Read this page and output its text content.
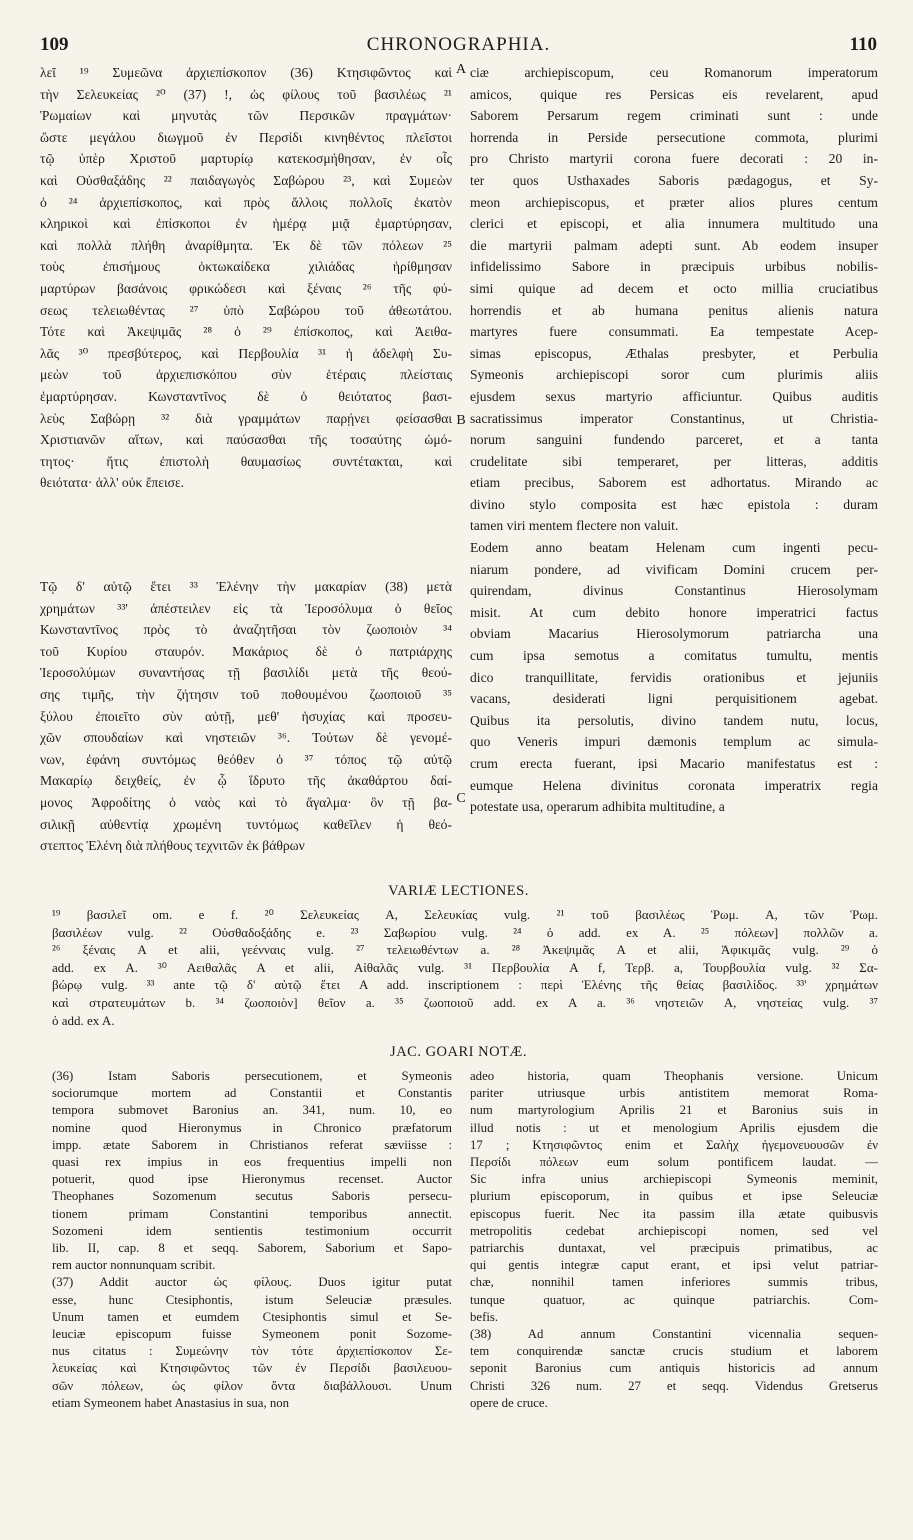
CHRONOGRAPHIA.
109	110
λεῖ ¹⁹ Συμεῶνα ἀρχιεπίσκοπον (36) Κτησιφῶντος καὶ
τὴν Σελευκείας ²⁰ (37) !, ὡς φίλους τοῦ βασιλέως ²¹
Ῥωμαίων καὶ μηνυτὰς τῶν Περσικῶν πραγμάτων·
ὥστε μεγάλου διωγμοῦ ἐν Περσίδι κινηθέντος πλεῖστοι
τῷ ὑπὲρ Χριστοῦ μαρτυρίῳ κατεκοσμήθησαν, ἐν οἷς
καὶ Οὐσθαξάδης ²² παιδαγωγὸς Σαβώρου ²³, καὶ Συμεὼν
ὁ ²⁴ ἀρχιεπίσκοπος, καὶ πρὸς ἄλλοις πολλοῖς ἑκατὸν
κληρικοὶ καὶ ἐπίσκοποι ἐν ἡμέρᾳ μιᾷ ἐμαρτύρησαν,
καὶ πολλὰ πλήθη ἀναρίθμητα. Ἐκ δὲ τῶν πόλεων ²⁵
τοὺς ἐπισήμους ὀκτωκαίδεκα χιλιάδας ἠρίθμησαν
μαρτύρων βασάνοις φρικώδεσι καὶ ξέναις ²⁶ τῆς φύ-
σεως τελειωθέντας ²⁷ ὑπὸ Σαβώρου τοῦ ἀθεωτάτου.
Τότε καὶ Ἀκεψιμᾶς ²⁸ ὁ ²⁹ ἐπίσκοπος, καὶ Ἀειθα-
λᾶς ³⁰ πρεσβύτερος, καὶ Περβουλία ³¹ ἡ ἀδελφὴ Συ-
μεὼν τοῦ ἀρχιεπισκόπου σὺν ἑτέραις πλείσταις
ἐμαρτύρησαν. Κωνσταντῖνος δὲ ὁ θειότατος βασι-
λεὺς Σαβώρῃ ³² διὰ γραμμάτων παρῄνει φείσασθαι
Χριστιανῶν αἵτων, καὶ παύσασθαι τῆς τοσαύτης ὠμό-
τητος· ἥτις ἐπιστολὴ θαυμασίως συντέτακται, καὶ
θειότατα· ἀλλ' οὐκ ἔπεισε.
Τῷ δ' αὐτῷ ἔτει ³³ Ἑλένην τὴν μακαρίαν (38) μετὰ
χρημάτων ³³' ἀπέστειλεν εἰς τὰ Ἱεροσόλυμα ὁ θεῖος
Κωνσταντῖνος πρὸς τὸ ἀναζητῆσαι τὸν ζωοποιὸν ³⁴
τοῦ Κυρίου σταυρόν. Μακάριος δὲ ὁ πατριάρχης
Ἱεροσολύμων συναντήσας τῇ βασιλίδι μετὰ τῆς θεού-
σης τιμῆς, τὴν ζήτησιν τοῦ ποθουμένου ζωοποιοῦ ³⁵
ξύλου ἐποιεῖτο σὺν αὐτῇ, μεθ' ἡσυχίας καὶ προσευ-
χῶν σπουδαίων καὶ νηστειῶν ³⁶. Τούτων δὲ γενομέ-
νων, ἐφάνη συντόμως θεόθεν ὁ ³⁷ τόπος τῷ αὐτῷ
Μακαρίῳ δειχθείς, ἐν ᾧ ἵδρυτο τῆς ἀκαθάρτου δαί-
μονος Ἀφροδίτης ὁ ναὸς καὶ τὸ ἄγαλμα· ὃν τῇ βα-
σιλικῇ αὐθεντίᾳ χρωμένη τυντόμως καθεῖλεν ἡ θεό-
στεπτος Ἑλένη διὰ πλήθους τεχνιτῶν ἐκ βάθρων
ciæ archiepiscopum, ceu Romanorum imperatorum
amicos, quique res Persicas eis revelarent, apud
Saborem Persarum regem criminati sunt : unde
horrenda in Perside persecutione commota, plurimi
pro Christo martyrii corona fuere decorati : 20 in-
ter quos Usthaxades Saboris pædagogus, et Sy-
meon archiepiscopus, et præter alios plures centum
clerici et episcopi, et alia innumera multitudo una
die martyrii palmam adepti sunt. Ab eodem insuper
infidelissimo Sabore in præcipuis urbibus nobilis-
simi quique ad decem et octo millia cruciatibus
horrendis et ab humana penitus alienis natura
martyres fuere consummati. Ea tempestate Acep-
simas episcopus, Æthalas presbyter, et Perbulia
Symeonis archiepiscopi soror cum plurimis aliis
ejusdem sexus martyrio afficiuntur. Quibus auditis
sacratissimus imperator Constantinus, ut Christia-
norum sanguini fundendo parceret, et a tanta
crudelitate sibi temperaret, per litteras, additis
etiam precibus, Saborem est adhortatus. Mirando ac
divino stylo composita est hæc epistola : duram
tamen viri mentem flectere non valuit.
Eodem anno beatam Helenam cum ingenti pecu-
niarum pondere, ad vivificam Domini crucem per-
quirendam, divinus Constantinus Hierosolymam
misit. At cum debito honore imperatrici factus
obviam Macarius Hierosolymorum patriarcha una
cum ipsa semotus a comitatus tumultu, mentis
dico tranquillitate, fervidis orationibus et jejuniis
vacans, desiderati ligni perquisitionem agebat.
Quibus ita persolutis, divino tandem nutu, locus,
quo Veneris impuri dæmonis templum ac simula-
crum erecta fuerant, ipsi Macario manifestatus est :
eumque Helena divinitus coronata imperatrix regia
potestate usa, operarum adhibita multitudine, a
A
B
C
VARIÆ LECTIONES.
¹⁹ βασιλεῖ om. e f. ²⁰ Σελευκείας A, Σελευκίας vulg. ²¹ τοῦ βασιλέως Ῥωμ. A, τῶν Ῥωμ.
βασιλέων vulg. ²² Οὐσθαδοξάδης e. ²³ Σαβωρίου vulg. ²⁴ ὁ add. ex A. ²⁵ πόλεων] πολλῶν a.
²⁶ ξέναις A et alii, γεένναις vulg. ²⁷ τελειωθέντων a. ²⁸ Ἀκεψιμᾶς A et alii, Ἀφικιμᾶς vulg. ²⁹ ὁ
add. ex A. ³⁰ Αειθαλᾶς A et alii, Αἰθαλᾶς vulg. ³¹ Περβουλία A f, Τερβ. a, Τουρβουλία vulg. ³² Σα-
βώρῳ vulg. ³³ ante τῷ δ' αὐτῷ ἔτει A add. inscriptionem : περὶ Ἑλένης τῆς θείας βασιλίδος. ³³' χρημάτων
καὶ στρατευμάτων b. ³⁴ ζωοποιὸν] θεῖον a. ³⁵ ζωοποιοῦ add. ex A a. ³⁶ νηστειῶν A, νηστείας vulg. ³⁷
ὁ add. ex A.
JAC. GOARI NOTÆ.
(36) Istam Saboris persecutionem, et Symeonis
sociorumque mortem ad Constantii et Constantis
tempora submovet Baronius an. 341, num. 10, eo
nomine quod Hieronymus in Chronico præfatorum
impp. ætate Saborem in Christianos referat sæviisse :
quasi rex impius in eos frequentius impelli non
potuerit, quod ipse Hieronymus recenset. Auctor
Theophanes Sozomenum secutus Saboris persecu-
tionem primam Constantini temporibus annectit.
Sozomeni idem sentientis testimonium occurrit
lib. II, cap. 8 et seqq. Saborem, Saborium et Sapo-
rem auctor nonnunquam scribit.
(37) Addit auctor ὡς φίλους. Duos igitur putat
esse, hunc Ctesiphontis, istum Seleuciæ præsules.
Unum tamen et eumdem Ctesiphontis simul et Se-
leuciæ episcopum fuisse Symeonem ponit Sozome-
nus citatus : Συμεώνην τὸν τότε ἀρχιεπίσκοπον Σε-
λευκείας καὶ Κτησιφῶντος τῶν ἐν Περσίδι βασιλευου-
σῶν πόλεων, ὡς φίλον ὄντα διαβάλλουσι. Unum
etiam Symeonem habet Anastasius in sua, non
adeo historia, quam Theophanis versione. Unicum
pariter utriusque urbis antistitem memorat Roma-
num martyrologium Aprilis 21 et Baronius suis in
illud notis : ut et menologium Aprilis ejusdem die
17 ; Κτησιφῶντος enim et Σαλὴχ ἡγεμονευουσῶν ἐν
Περσίδι πόλεων eum solum pontificem laudat. —
Sic infra unius archiepiscopi Symeonis meminit,
plurium episcoporum, in quibus et ipse Seleuciæ
episcopus fuerit. Nec ita passim illa ætate quibusvis
metropolitis cedebat archiepiscopi nomen, sed vel
patriarchis duntaxat, vel præcipuis primatibus, ac
qui gentis integræ caput erant, et ipsi velut patriar-
chæ, nonnihil tamen inferiores summis tribus,
tunque quatuor, ac quinque patriarchis. Com-
befis.
(38) Ad annum Constantini vicennalia sequen-
tem conquirendæ sanctæ crucis studium et laborem
seponit Baronius cum antiquis historicis ad annum
Christi 326 num. 27 et seqq. Videndus Gretserus
opere de cruce.
